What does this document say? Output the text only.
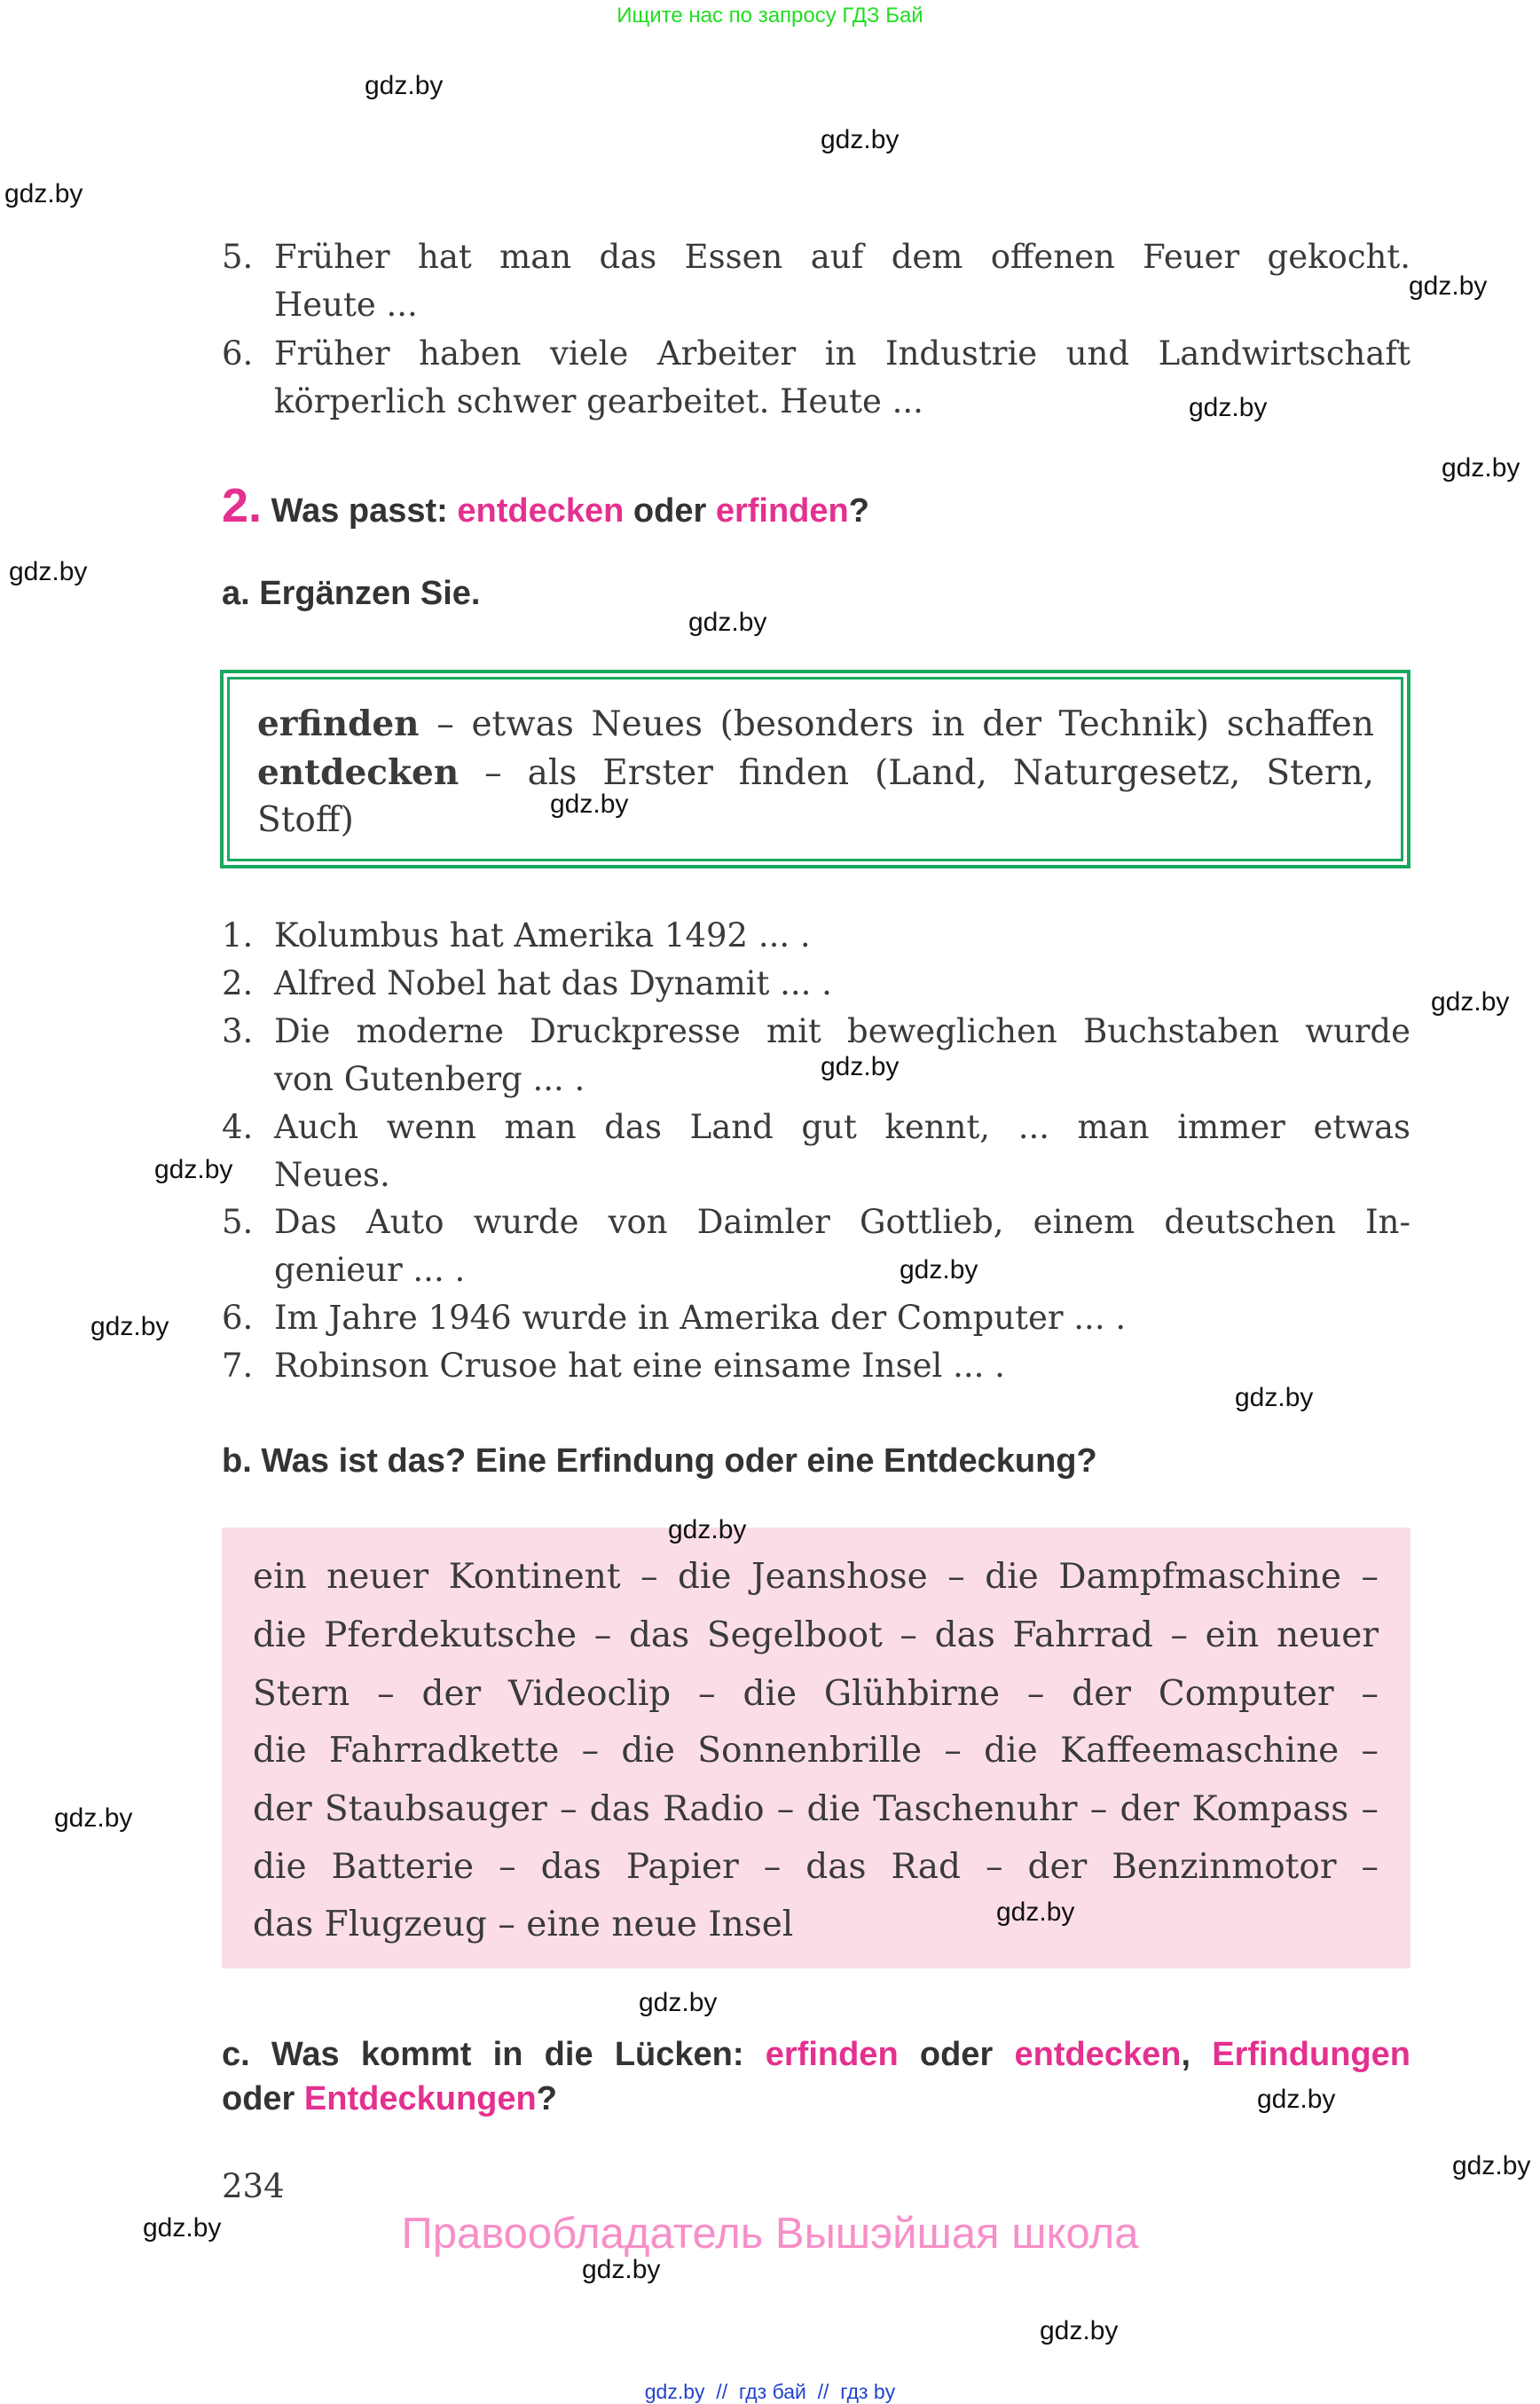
Ищите нас по запросу ГДЗ Бай
5. Früher hat man das Essen auf dem offenen Feuer gekocht.
Heute ...
6. Früher haben viele Arbeiter in Industrie und Landwirtschaft
körperlich schwer gearbeitet. Heute ...
2. Was passt: entdecken oder erfinden?
a. Ergänzen Sie.
erfinden – etwas Neues (besonders in der Technik) schaffen
entdecken – als Erster finden (Land, Naturgesetz, Stern,
Stoff)
1. Kolumbus hat Amerika 1492 ... .
2. Alfred Nobel hat das Dynamit ... .
3. Die moderne Druckpresse mit beweglichen Buchstaben wurde
von Gutenberg ... .
4. Auch wenn man das Land gut kennt, ... man immer etwas
Neues.
5. Das Auto wurde von Daimler Gottlieb, einem deutschen In-
genieur ... .
6. Im Jahre 1946 wurde in Amerika der Computer ... .
7. Robinson Crusoe hat eine einsame Insel ... .
b. Was ist das? Eine Erfindung oder eine Entdeckung?
ein neuer Kontinent – die Jeanshose – die Dampfmaschine –
die Pferdekutsche – das Segelboot – das Fahrrad – ein neuer
Stern – der Videoclip – die Glühbirne – der Computer –
die Fahrradkette – die Sonnenbrille – die Kaffeemaschine –
der Staubsauger – das Radio – die Taschenuhr – der Kompass –
die Batterie – das Papier – das Rad – der Benzinmotor –
das Flugzeug – eine neue Insel
c. Was kommt in die Lücken: erfinden oder entdecken, Erfindungen
oder Entdeckungen?
234
Правообладатель Вышэйшая школа
gdz.by  //  гдз бай  //  гдз by
gdz.by
gdz.by
gdz.by
gdz.by
gdz.by
gdz.by
gdz.by
gdz.by
gdz.by
gdz.by
gdz.by
gdz.by
gdz.by
gdz.by
gdz.by
gdz.by
gdz.by
gdz.by
gdz.by
gdz.by
gdz.by
gdz.by
gdz.by
gdz.by
